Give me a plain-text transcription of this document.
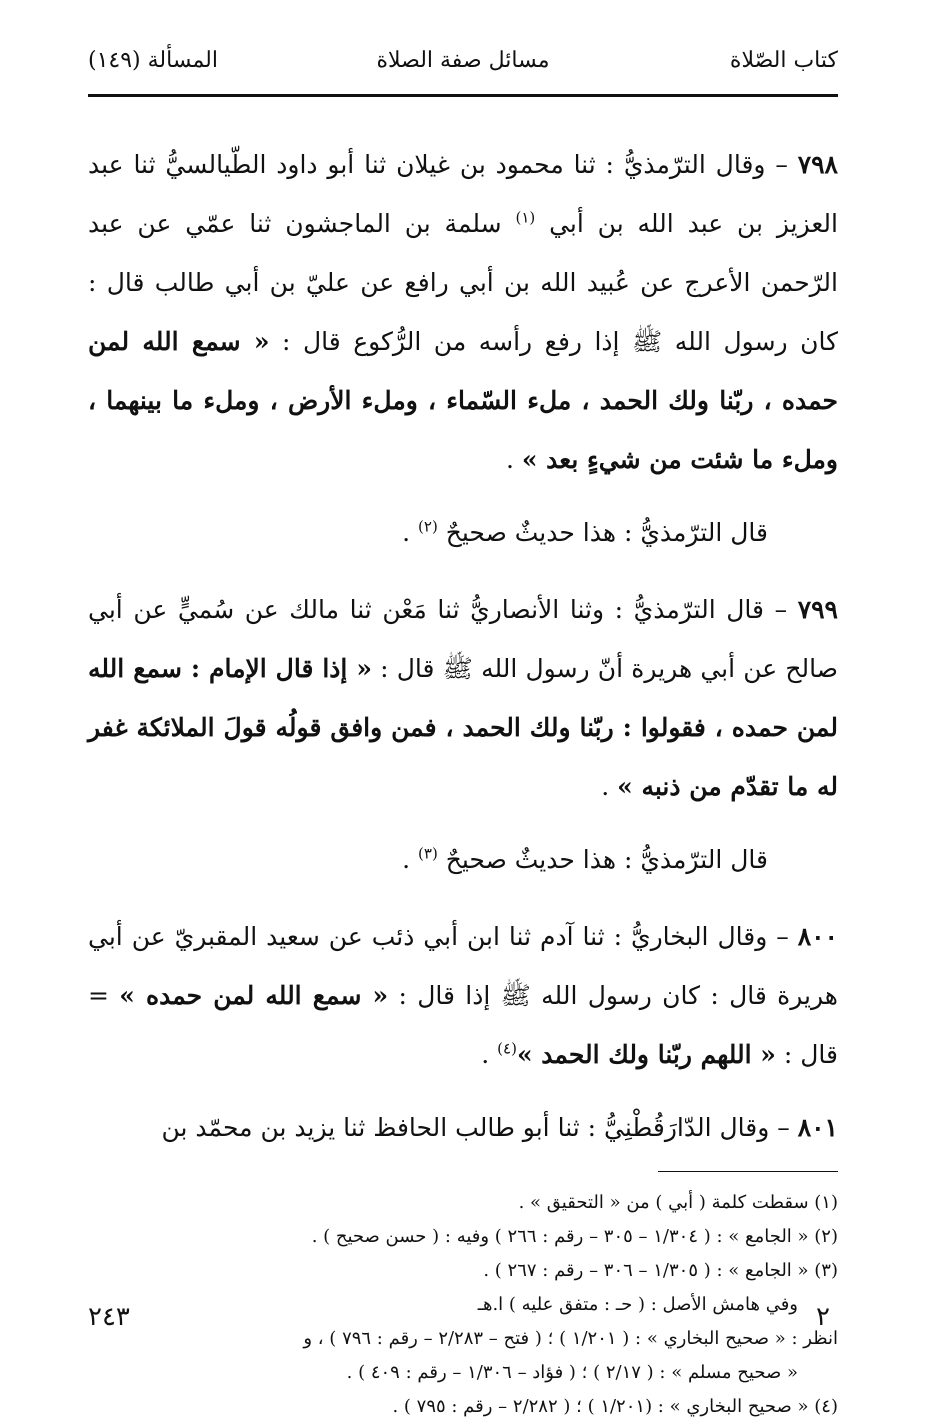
كتاب الصّلاة
مسائل صفة الصلاة
المسألة (١٤٩)

٧٩٨ – وقال الترّمذيُّ : ثنا محمود بن غيلان ثنا أبو داود الطّيالسيُّ ثنا عبد العزيز بن عبد الله بن أبي $^{(١)}$ سلمة بن الماجشون ثنا عمّي عن عبد الرّحمن الأعرج عن عُبيد الله بن أبي رافع عن عليّ بن أبي طالب قال : كان رسول الله ﷺ إذا رفع رأسه من الرُّكوع قال : « سمع الله لمن حمده ، ربّنا ولك الحمد ، ملء السّماء ، وملء الأرض ، وملء ما بينهما ، وملء ما شئت من شيءٍ بعد » .

قال الترّمذيُّ : هذا حديثٌ صحيحٌ $^{(٢)}$ .

٧٩٩ – قال الترّمذيُّ : وثنا الأنصاريُّ ثنا مَعْن ثنا مالك عن سُميٍّ عن أبي صالح عن أبي هريرة أنّ رسول الله ﷺ قال : « إذا قال الإمام : سمع الله لمن حمده ، فقولوا : ربّنا ولك الحمد ، فمن وافق قولُه قولَ الملائكة غفر له ما تقدّم من ذنبه » .

قال الترّمذيُّ : هذا حديثٌ صحيحٌ $^{(٣)}$ .

٨٠٠ – وقال البخاريُّ : ثنا آدم ثنا ابن أبي ذئب عن سعيد المقبريّ عن أبي هريرة قال : كان رسول الله ﷺ إذا قال : « سمع الله لمن حمده » = قال : « اللهم ربّنا ولك الحمد »$^{(٤)}$ .

٨٠١ – وقال الدّارَقُطْنِيُّ : ثنا أبو طالب الحافظ ثنا يزيد بن محمّد بن

(١) سقطت كلمة ( أبي ) من « التحقيق » .

(٢) « الجامع » : ( ١/٣٠٤ – ٣٠٥ – رقم : ٢٦٦ ) وفيه : ( حسن صحيح ) .

(٣) « الجامع » : ( ١/٣٠٥ – ٣٠٦ – رقم : ٢٦٧ ) .

وفي هامش الأصل : ( حـ : متفق عليه ) ا.هـ

انظر : « صحيح البخاري » : ( ١/٢٠١ ) ؛ ( فتح – ٢/٢٨٣ – رقم : ٧٩٦ ) ، و

« صحيح مسلم » : ( ٢/١٧ ) ؛ ( فؤاد – ١/٣٠٦ – رقم : ٤٠٩ ) .

(٤) « صحيح البخاري » : (١/٢٠١ ) ؛ ( ٢/٢٨٢ – رقم : ٧٩٥ ) .

٢٤٣	٢
